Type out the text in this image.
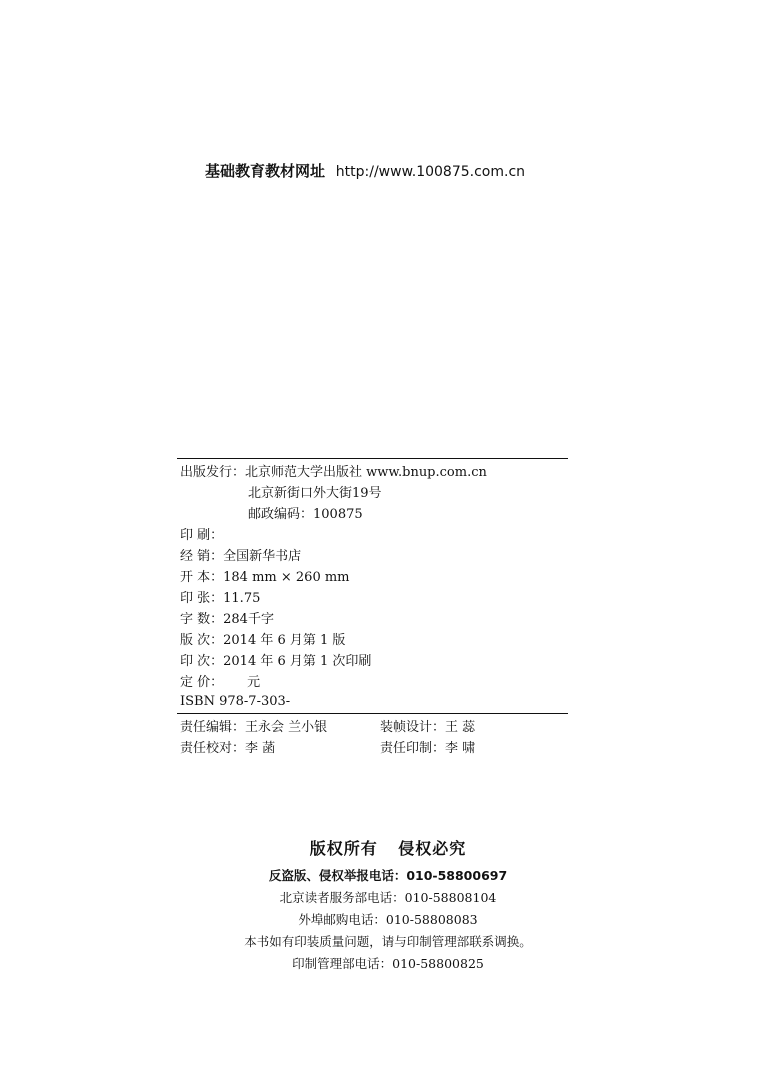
基础教育教材网址 http://www.100875.com.cn
出版发行：北京师范大学出版社 www.bnup.com.cn
北京新街口外大街19号
邮政编码：100875
印 刷：
经 销：全国新华书店
开 本：184 mm × 260 mm
印 张：11.75
字 数：284千字
版 次：2014 年 6 月第 1 版
印 次：2014 年 6 月第 1 次印刷
定 价： 元
ISBN 978-7-303-
责任编辑：王永会 兰小银	装帧设计：王 蕊
责任校对：李 菡	责任印制：李 啸
版权所有 侵权必究
反盗版、侵权举报电话：010-58800697
北京读者服务部电话：010-58808104
外埠邮购电话：010-58808083
本书如有印装质量问题，请与印制管理部联系调换。
印制管理部电话：010-58800825
